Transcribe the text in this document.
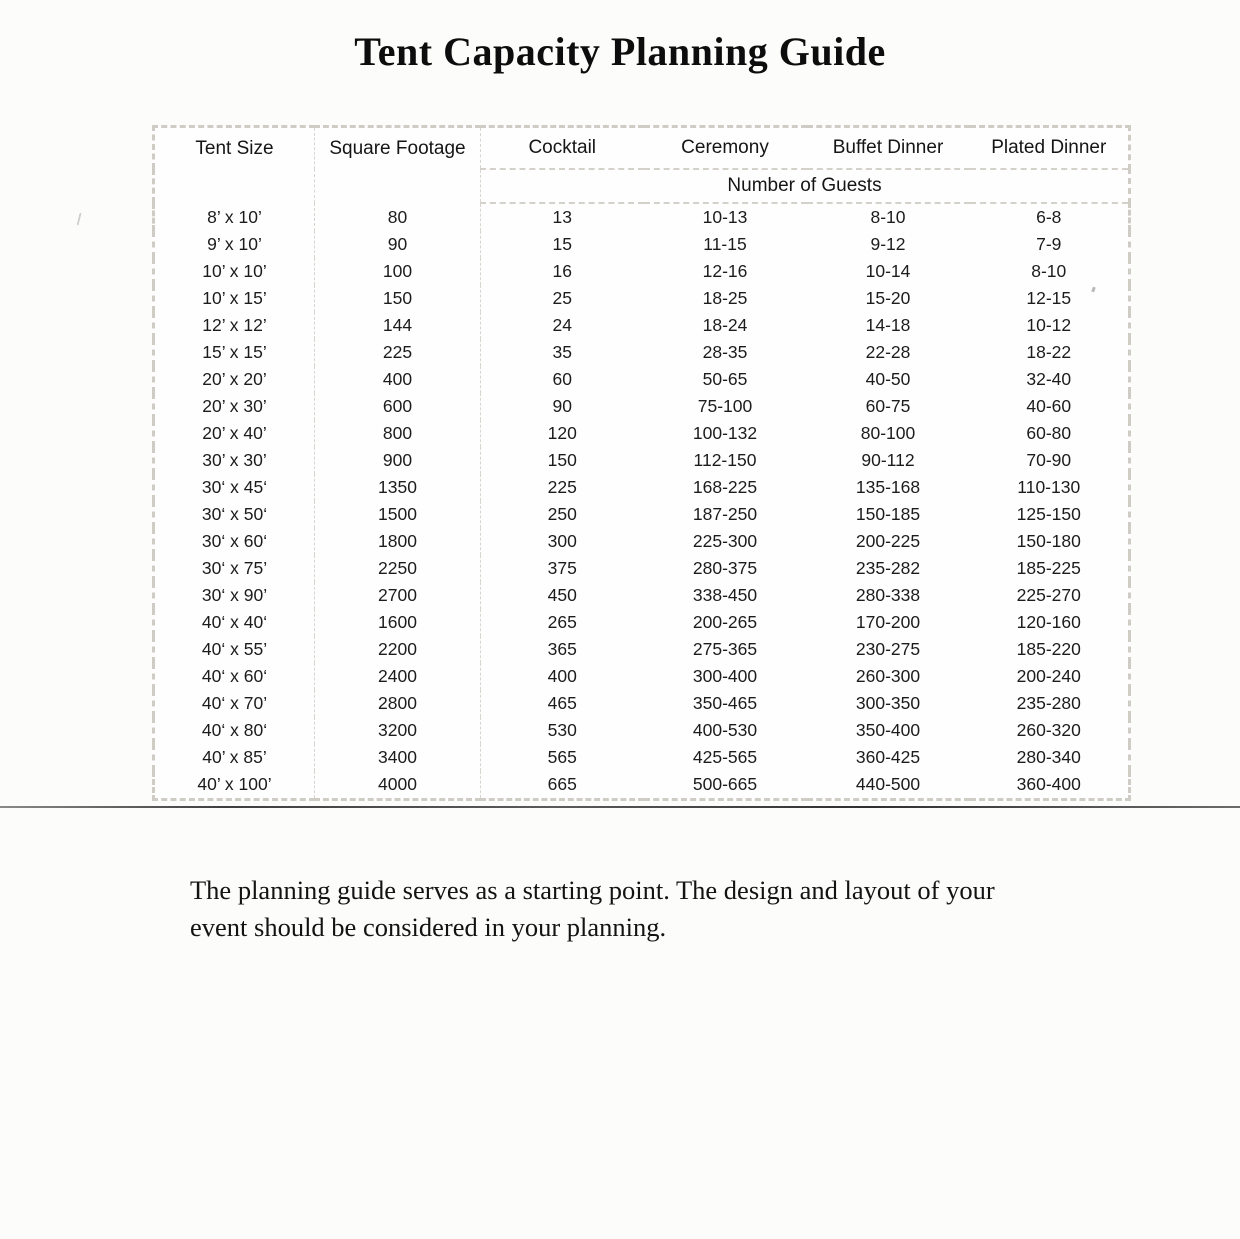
Tent Capacity Planning Guide
Tent Size	Square Footage	Cocktail	Ceremony	Buffet Dinner	Plated Dinner
		Number of Guests			
8’ x 10’	80	13	10-13	8-10	6-8
9’ x 10’	90	15	11-15	9-12	7-9
10’ x 10’	100	16	12-16	10-14	8-10
10’ x 15’	150	25	18-25	15-20	12-15
12’ x 12’	144	24	18-24	14-18	10-12
15’ x 15’	225	35	28-35	22-28	18-22
20’ x 20’	400	60	50-65	40-50	32-40
20’ x 30’	600	90	75-100	60-75	40-60
20’ x 40’	800	120	100-132	80-100	60-80
30’ x 30’	900	150	112-150	90-112	70-90
30‘ x 45‘	1350	225	168-225	135-168	110-130
30‘ x 50‘	1500	250	187-250	150-185	125-150
30‘ x 60‘	1800	300	225-300	200-225	150-180
30‘ x 75’	2250	375	280-375	235-282	185-225
30‘ x 90’	2700	450	338-450	280-338	225-270
40‘ x 40‘	1600	265	200-265	170-200	120-160
40‘ x 55’	2200	365	275-365	230-275	185-220
40‘ x 60‘	2400	400	300-400	260-300	200-240
40‘ x 70’	2800	465	350-465	300-350	235-280
40‘ x 80‘	3200	530	400-530	350-400	260-320
40’ x 85’	3400	565	425-565	360-425	280-340
40’ x 100’	4000	665	500-665	440-500	360-400
The planning guide serves as a starting point. The design and layout of your
event should be considered in your planning.
